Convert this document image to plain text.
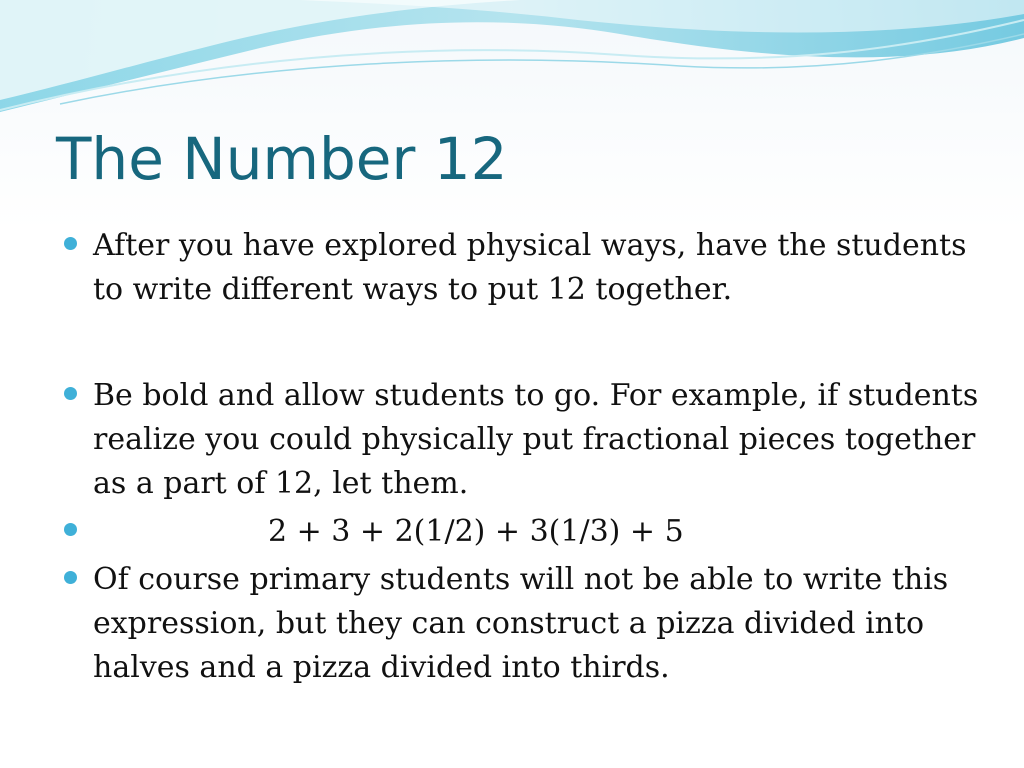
The Number 12
After you have explored physical ways, have the students to write different ways to put 12 together.
Be bold and allow students to go. For example, if students realize you could physically put fractional pieces together as a part of 12, let them.
2 + 3 + 2(1/2) + 3(1/3) + 5
Of course primary students will not be able to write this expression, but they can construct a pizza divided into halves and a pizza divided into thirds.
